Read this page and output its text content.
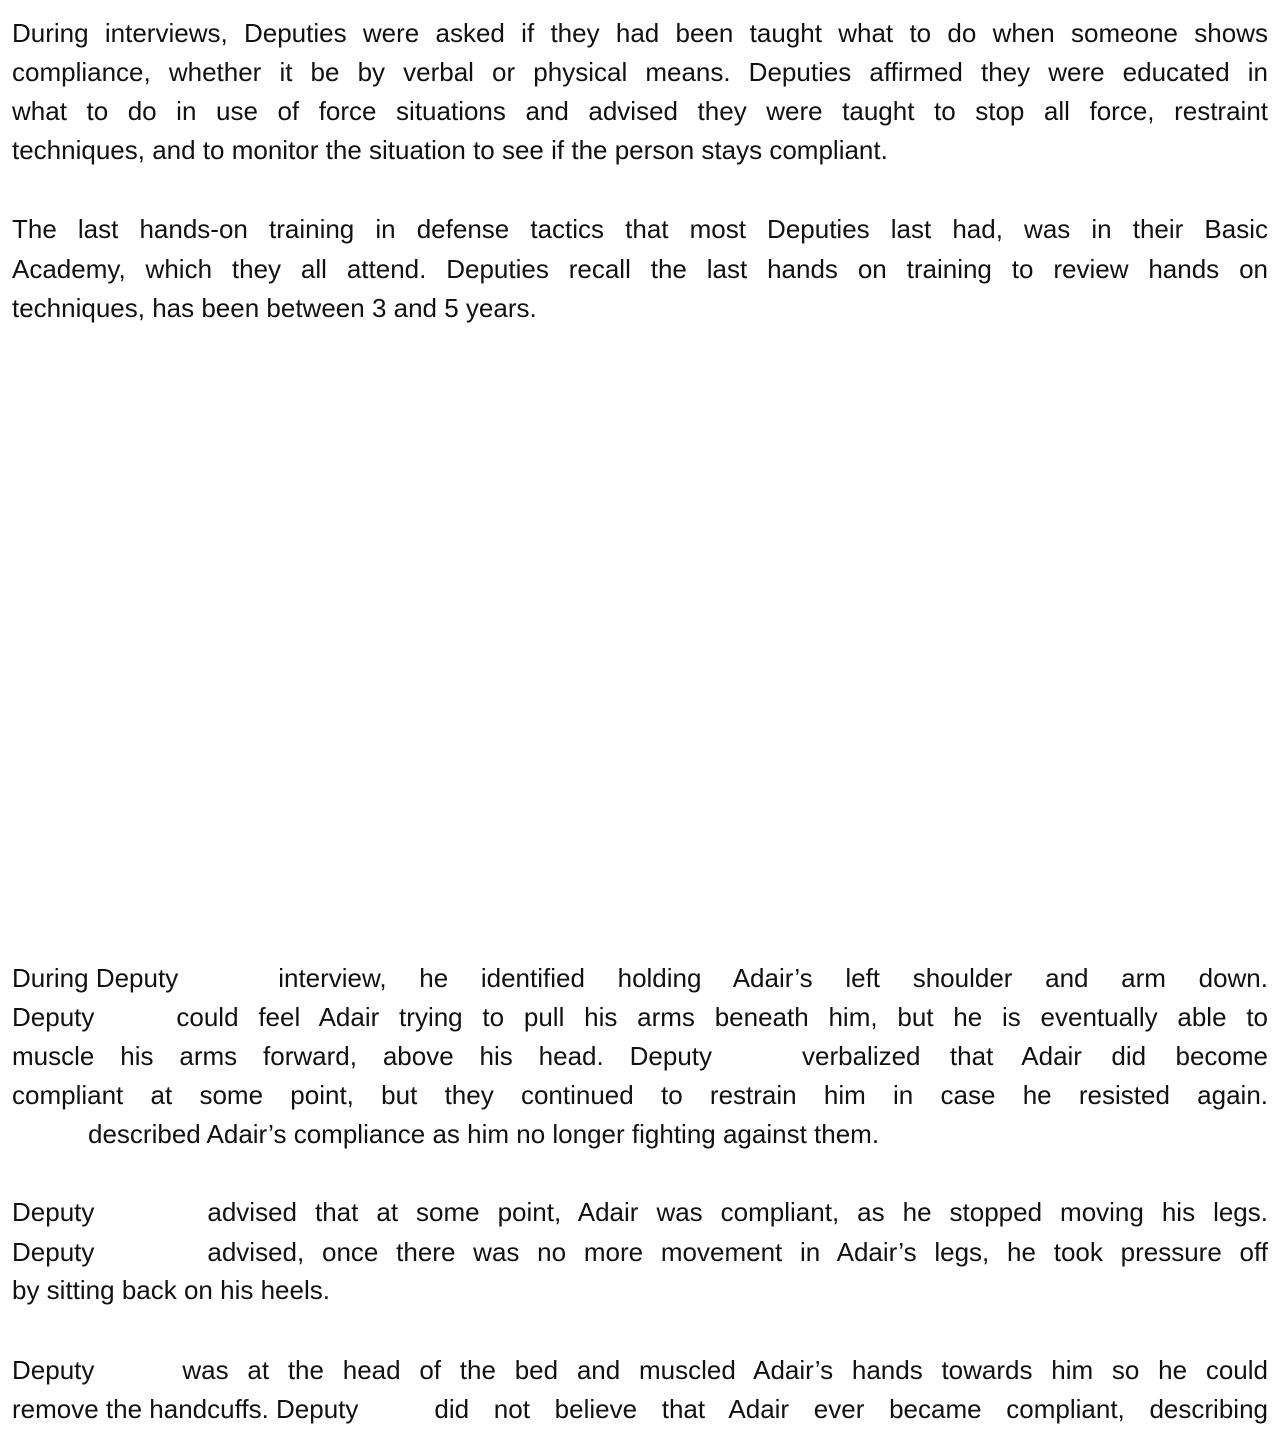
During interviews, Deputies were asked if they had been taught what to do when someone shows
compliance, whether it be by verbal or physical means. Deputies affirmed they were educated in
what to do in use of force situations and advised they were taught to stop all force, restraint
techniques, and to monitor the situation to see if the person stays compliant.
The last hands-on training in defense tactics that most Deputies last had, was in their Basic
Academy, which they all attend. Deputies recall the last hands on training to review hands on
techniques, has been between 3 and 5 years.
During Deputy	interview, he identified holding Adair’s left shoulder and arm down.
Deputy	could feel Adair trying to pull his arms beneath him, but he is eventually able to
muscle his arms forward, above his head. Deputy	verbalized that Adair did become
compliant at some point, but they continued to restrain him in case he resisted again.
described Adair’s compliance as him no longer fighting against them.
Deputy	advised that at some point, Adair was compliant, as he stopped moving his legs.
Deputy	advised, once there was no more movement in Adair’s legs, he took pressure off
by sitting back on his heels.
Deputy	was at the head of the bed and muscled Adair’s hands towards him so he could
remove the handcuffs. Deputy	did not believe that Adair ever became compliant, describing
